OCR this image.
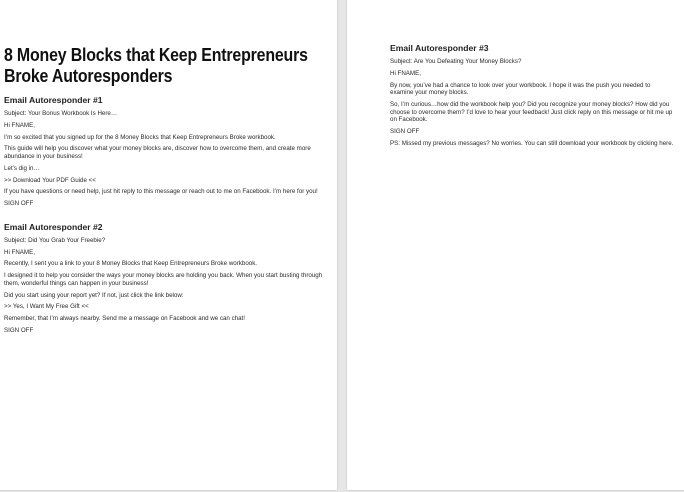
8 Money Blocks that Keep Entrepreneurs Broke Autoresponders
Email Autoresponder #1
Subject: Your Bonus Workbook Is Here…
Hi FNAME,
I’m so excited that you signed up for the 8 Money Blocks that Keep Entrepreneurs Broke workbook.
This guide will help you discover what your money blocks are, discover how to overcome them, and create more abundance in your business!
Let’s dig in…
>> Download Your PDF Guide <<
If you have questions or need help, just hit reply to this message or reach out to me on Facebook. I’m here for you!
SIGN OFF
Email Autoresponder #2
Subject: Did You Grab Your Freebie?
Hi FNAME,
Recently, I sent you a link to your 8 Money Blocks that Keep Entrepreneurs Broke workbook.
I designed it to help you consider the ways your money blocks are holding you back. When you start busting through them, wonderful things can happen in your business!
Did you start using your report yet? If not, just click the link below:
>> Yes, I Want My Free Gift <<
Remember, that I’m always nearby. Send me a message on Facebook and we can chat!
SIGN OFF
Email Autoresponder #3
Subject: Are You Defeating Your Money Blocks?
Hi FNAME,
By now, you’ve had a chance to look over your workbook. I hope it was the push you needed to examine your money blocks.
So, I’m curious…how did the workbook help you? Did you recognize your money blocks? How did you choose to overcome them? I’d love to hear your feedback! Just click reply on this message or hit me up on Facebook.
SIGN OFF
PS: Missed my previous messages? No worries. You can still download your workbook by clicking here.
